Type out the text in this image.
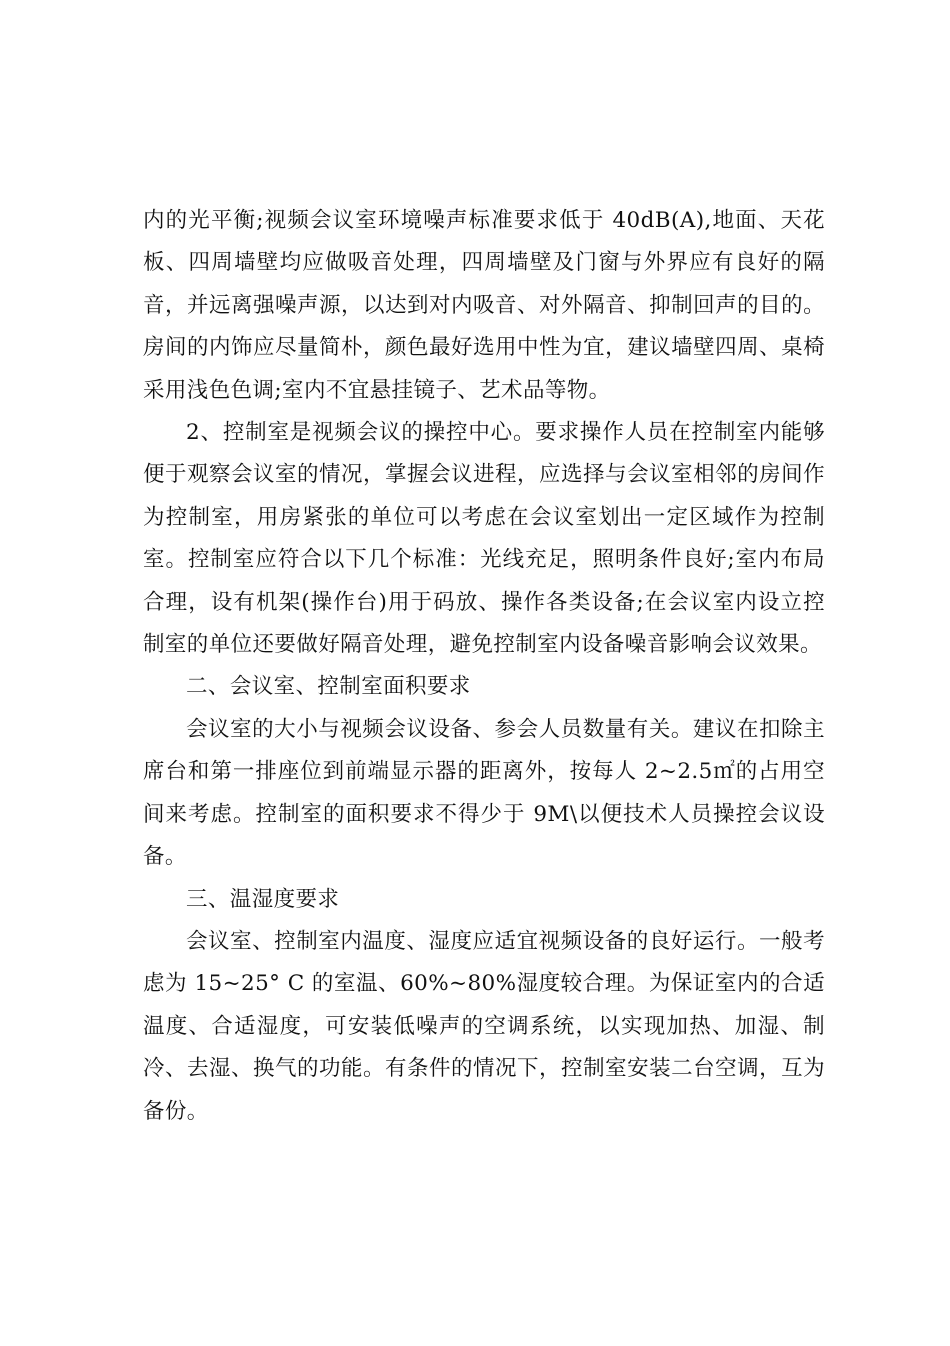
内的光平衡;视频会议室环境噪声标准要求低于 40dB(A),地面、天花板、四周墙壁均应做吸音处理，四周墙壁及门窗与外界应有良好的隔音，并远离强噪声源，以达到对内吸音、对外隔音、抑制回声的目的。房间的内饰应尽量简朴，颜色最好选用中性为宜，建议墙壁四周、桌椅采用浅色色调;室内不宜悬挂镜子、艺术品等物。

2、控制室是视频会议的操控中心。要求操作人员在控制室内能够便于观察会议室的情况，掌握会议进程，应选择与会议室相邻的房间作为控制室，用房紧张的单位可以考虑在会议室划出一定区域作为控制室。控制室应符合以下几个标准：光线充足，照明条件良好;室内布局合理，设有机架(操作台)用于码放、操作各类设备;在会议室内设立控制室的单位还要做好隔音处理，避免控制室内设备噪音影响会议效果。

二、会议室、控制室面积要求

会议室的大小与视频会议设备、参会人员数量有关。建议在扣除主席台和第一排座位到前端显示器的距离外，按每人 2~2.5㎡的占用空间来考虑。控制室的面积要求不得少于 9M\以便技术人员操控会议设备。

三、温湿度要求

会议室、控制室内温度、湿度应适宜视频设备的良好运行。一般考虑为 15~25° C 的室温、60%~80%湿度较合理。为保证室内的合适温度、合适湿度，可安装低噪声的空调系统，以实现加热、加湿、制冷、去湿、换气的功能。有条件的情况下，控制室安装二台空调，互为备份。
